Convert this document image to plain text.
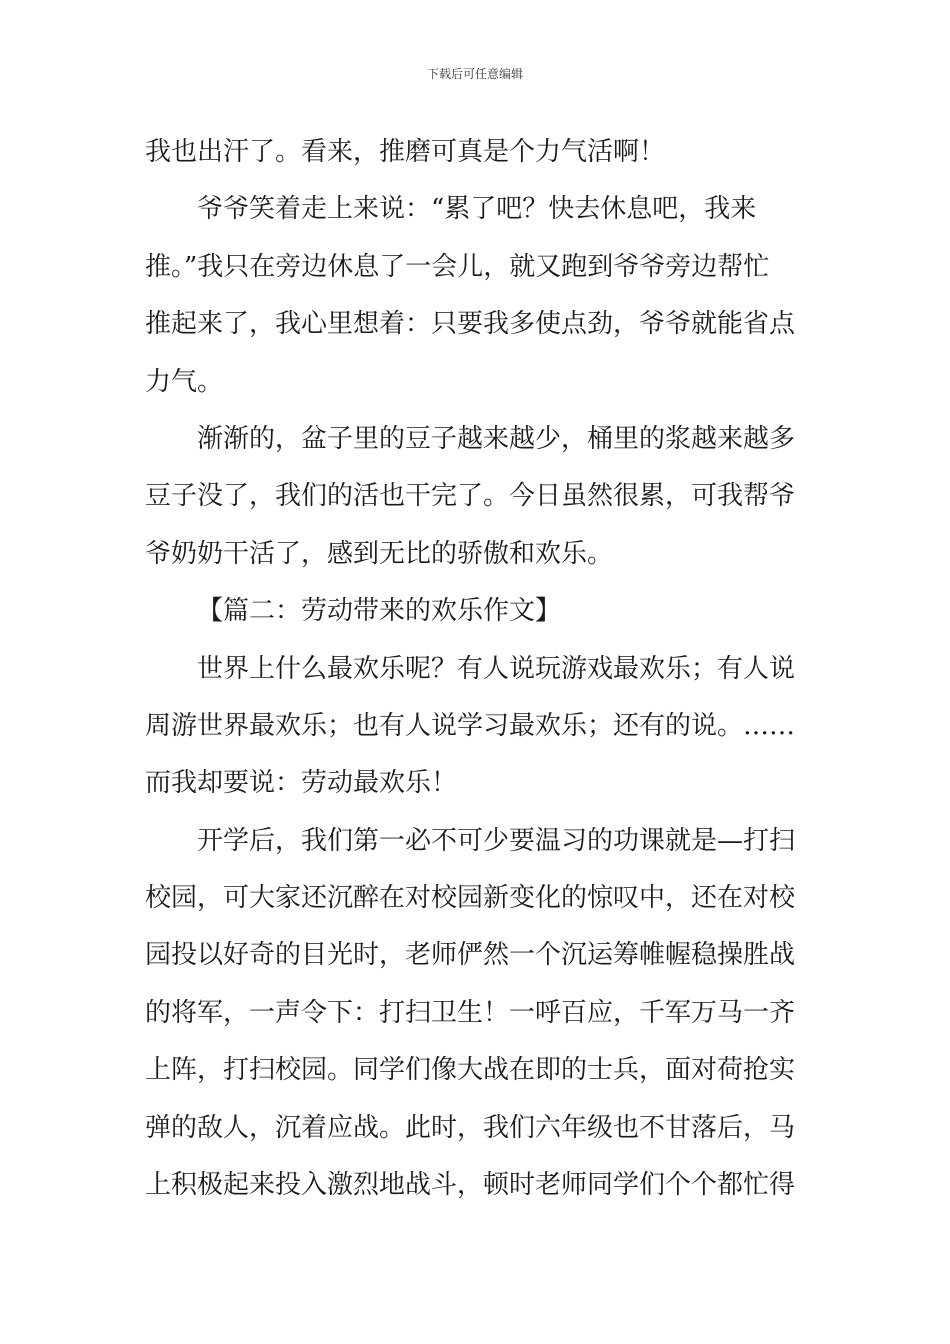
下载后可任意编辑
我也出汗了。看来，推磨可真是个力气活啊！
爷爷笑着走上来说：“累了吧？快去休息吧，我来
推。”我只在旁边休息了一会儿，就又跑到爷爷旁边帮忙
推起来了，我心里想着：只要我多使点劲，爷爷就能省点
力气。
渐渐的，盆子里的豆子越来越少，桶里的浆越来越多
豆子没了，我们的活也干完了。今日虽然很累，可我帮爷
爷奶奶干活了，感到无比的骄傲和欢乐。
【篇二：劳动带来的欢乐作文】
世界上什么最欢乐呢？有人说玩游戏最欢乐；有人说
周游世界最欢乐；也有人说学习最欢乐；还有的说。……
而我却要说：劳动最欢乐！
开学后，我们第一必不可少要温习的功课就是—打扫
校园，可大家还沉醉在对校园新变化的惊叹中，还在对校
园投以好奇的目光时，老师俨然一个沉运筹帷幄稳操胜战
的将军，一声令下：打扫卫生！一呼百应，千军万马一齐
上阵，打扫校园。同学们像大战在即的士兵，面对荷抢实
弹的敌人，沉着应战。此时，我们六年级也不甘落后，马
上积极起来投入激烈地战斗，顿时老师同学们个个都忙得
